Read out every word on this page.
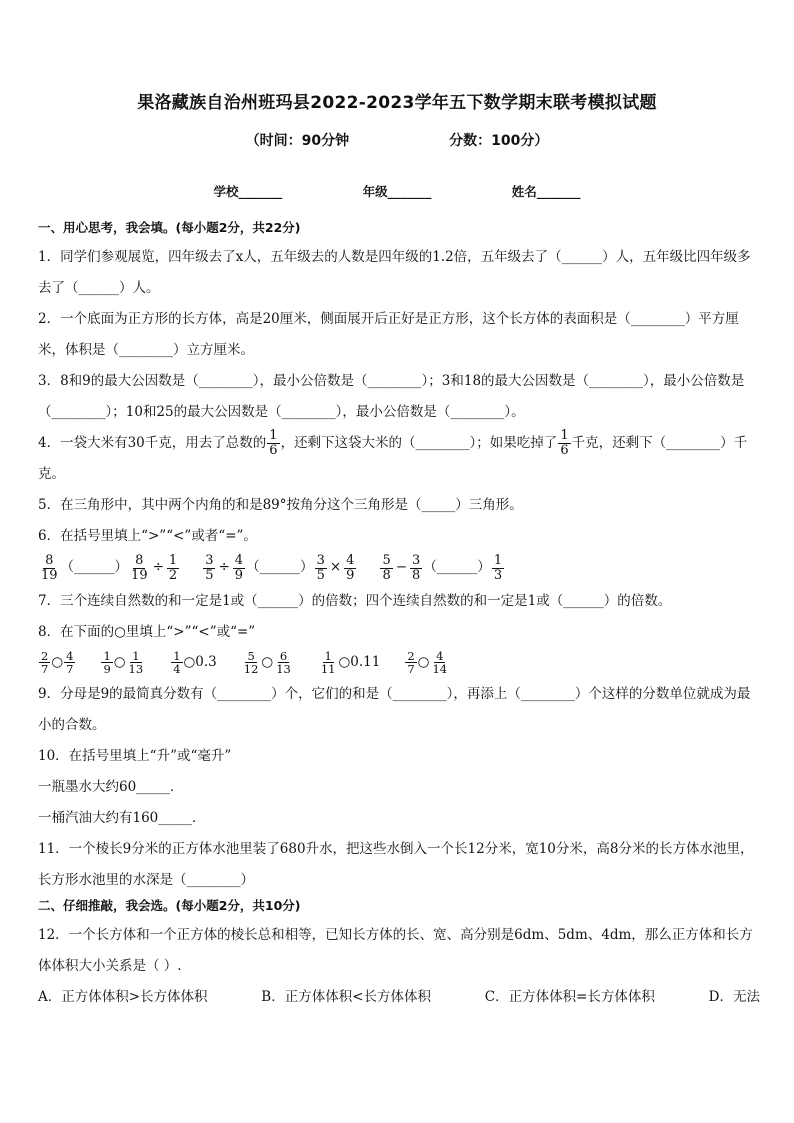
果洛藏族自治州班玛县2022-2023学年五下数学期末联考模拟试题
（时间：90分钟	分数：100分）
学校_______	年级_______	姓名_______
一、用心思考，我会填。(每小题2分，共22分)

1．同学们参观展览，四年级去了x人，五年级去的人数是四年级的1.2倍，五年级去了（______）人，五年级比四年级多去了（______）人。

2．一个底面为正方形的长方体，高是20厘米，侧面展开后正好是正方形，这个长方体的表面积是（________）平方厘米，体积是（________）立方厘米。

3．8和9的最大公因数是（________），最小公倍数是（________）；3和18的最大公因数是（________），最小公倍数是（________）；10和25的最大公因数是（________），最小公倍数是（________）。

4．一袋大米有30千克，用去了总数的 $\frac{1}{6}$ ，还剩下这袋大米的（________）；如果吃掉了 $\frac{1}{6}$ 千克，还剩下（________）千克。

5．在三角形中，其中两个内角的和是89°按角分这个三角形是（_____）三角形。

6．在括号里填上“>”“<”或者“=”。

$\frac{8}{19}$ （______） $\frac{8}{19} \div \frac{1}{2} \frac{3}{5} \div \frac{4}{9}$ （______） $\frac{3}{5} \times \frac{4}{9} \frac{5}{8} - \frac{3}{8}$ （______） $\frac{1}{3}$

7．三个连续自然数的和一定是1或（______）的倍数；四个连续自然数的和一定是1或（______）的倍数。

8．在下面的○里填上“>”“<”或“=”

$\frac{2}{7}$ ○ $\frac{4}{7} \frac{1}{9}$ ○ $\frac{1}{13} \frac{1}{4}$ ○ $0.3 \frac{5}{12}$ ○ $\frac{6}{13} \frac{1}{11}$ ○ $0.11 \frac{2}{7}$ ○ $\frac{4}{14}$

9．分母是9的最简真分数有（________）个，它们的和是（________），再添上（________）个这样的分数单位就成为最小的合数。

10．在括号里填上“升”或“毫升”

一瓶墨水大约60_____．

一桶汽油大约有160_____．

11．一个棱长9分米的正方体水池里装了680升水，把这些水倒入一个长12分米，宽10分米，高8分米的长方体水池里，长方形水池里的水深是（________）

二、仔细推敲，我会选。(每小题2分，共10分)

12．一个长方体和一个正方体的棱长总和相等，已知长方体的长、宽、高分别是6dm、5dm、4dm，那么正方体和长方体体积大小关系是（ ）.

A．正方体体积>长方体体积	B．正方体体积<长方体体积	C．正方体体积=长方体体积	D．无法
